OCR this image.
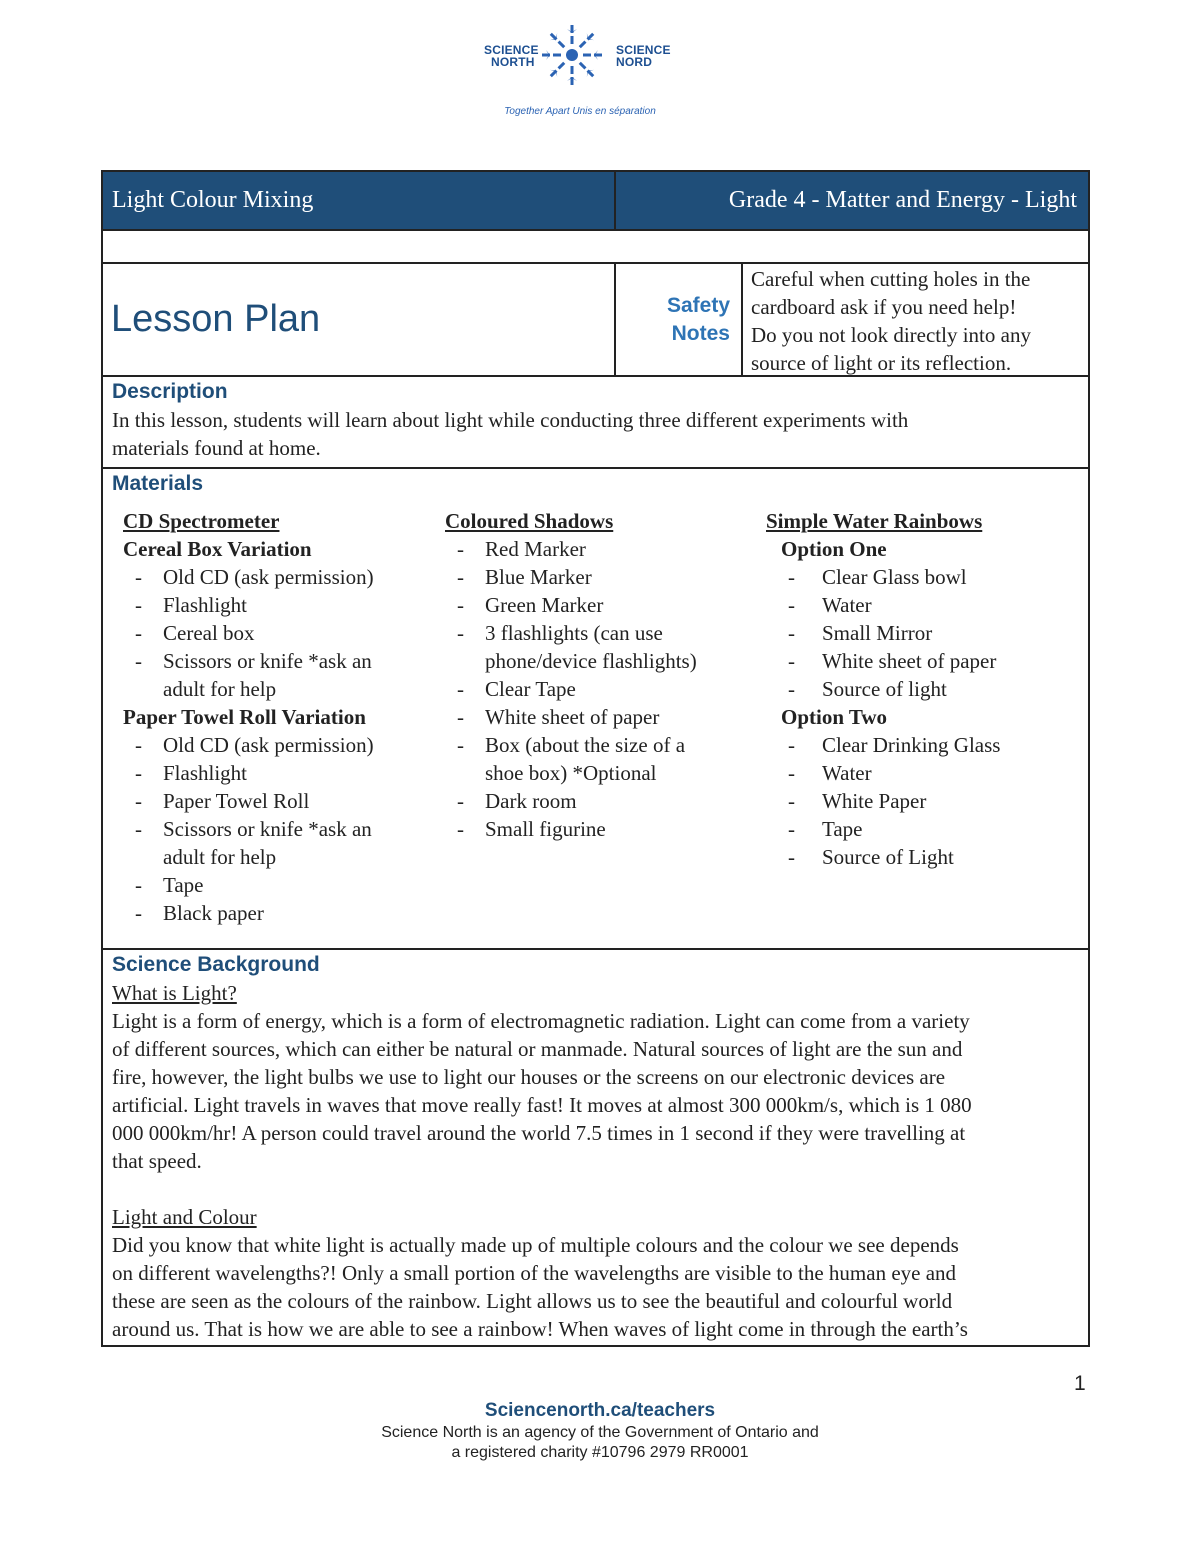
SCIENCE
NORTH
SCIENCE
NORD
Together Apart Unis en séparation
Light Colour Mixing	Grade 4 - Matter and Energy - Light
Lesson Plan	Safety
Notes
Careful when cutting holes in the
cardboard ask if you need help!
Do you not look directly into any
source of light or its reflection.
Description
In this lesson, students will learn about light while conducting three different experiments with
materials found at home.
Materials
CD Spectrometer
Cereal Box Variation
- Old CD (ask permission)
- Flashlight
- Cereal box
- Scissors or knife *ask an
adult for help
Paper Towel Roll Variation
- Old CD (ask permission)
- Flashlight
- Paper Towel Roll
- Scissors or knife *ask an
adult for help
- Tape
- Black paper
Coloured Shadows
- Red Marker
- Blue Marker
- Green Marker
- 3 flashlights (can use
phone/device flashlights)
- Clear Tape
- White sheet of paper
- Box (about the size of a
shoe box) *Optional
- Dark room
- Small figurine
Simple Water Rainbows
Option One
- Clear Glass bowl
- Water
- Small Mirror
- White sheet of paper
- Source of light
Option Two
- Clear Drinking Glass
- Water
- White Paper
- Tape
- Source of Light
Science Background
What is Light?
Light is a form of energy, which is a form of electromagnetic radiation. Light can come from a variety
of different sources, which can either be natural or manmade. Natural sources of light are the sun and
fire, however, the light bulbs we use to light our houses or the screens on our electronic devices are
artificial. Light travels in waves that move really fast! It moves at almost 300 000km/s, which is 1 080
000 000km/hr! A person could travel around the world 7.5 times in 1 second if they were travelling at
that speed.
Light and Colour
Did you know that white light is actually made up of multiple colours and the colour we see depends
on different wavelengths?! Only a small portion of the wavelengths are visible to the human eye and
these are seen as the colours of the rainbow. Light allows us to see the beautiful and colourful world
around us. That is how we are able to see a rainbow! When waves of light come in through the earth’s
1
Sciencenorth.ca/teachers
Science North is an agency of the Government of Ontario and
a registered charity #10796 2979 RR0001
